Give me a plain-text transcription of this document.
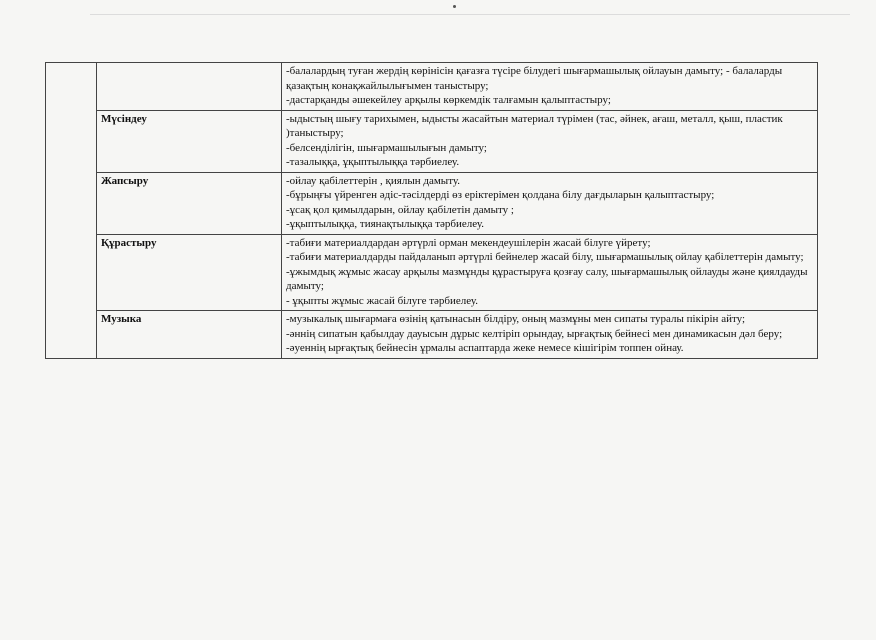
		-балалардың туған жердің көрінісін қағазға түсіре білудегі шығармашылық ойлауын дамыту; - балаларды қазақтың конақжайлылығымен таныстыру;
-дастарқанды әшекейлеу арқылы көркемдік талғамын қалыптастыру;

	Мүсіндеу	-ыдыстың шығу тарихымен, ыдысты жасайтын материал түрімен (тас, әйнек, ағаш, металл, қыш, пластик )таныстыру;
-белсенділігін, шығармашылығын дамыту;
-тазалыққа, ұқыптылыққа тәрбиелеу.

	Жапсыру	-ойлау қабілеттерін , қиялын дамыту.
-бұрыңғы үйренген әдіс-тәсілдерді өз еріктерімен қолдана білу дағдыларын қалыптастыру;
-ұсақ қол қимылдарын, ойлау қабілетін дамыту ;
-ұқыптылыққа, тиянақтылыққа тәрбиелеу.

	Құрастыру	-табиғи материалдардан әртүрлі орман мекендеушілерін жасай білуге үйрету;
-табиғи материалдарды пайдаланып әртүрлі бейнелер жасай білу, шығармашылық ойлау қабілеттерін дамыту;
-ұжымдық жұмыс жасау арқылы мазмұнды құрастыруға қозғау салу, шығармашылық ойлауды және қиялдауды дамыту;
- ұқыпты жұмыс жасай білуге тәрбиелеу.

	Музыка	-музыкалық шығармаға өзінің қатынасын білдіру, оның мазмұны мен сипаты туралы пікірін айту;
-әннің сипатын қабылдау дауысын дұрыс келтіріп орындау, ырғақтық бейнесі мен динамикасын дәл беру;
-әуеннің ырғақтық бейнесін ұрмалы аспаптарда жеке немесе кішігірім топпен ойнау.
